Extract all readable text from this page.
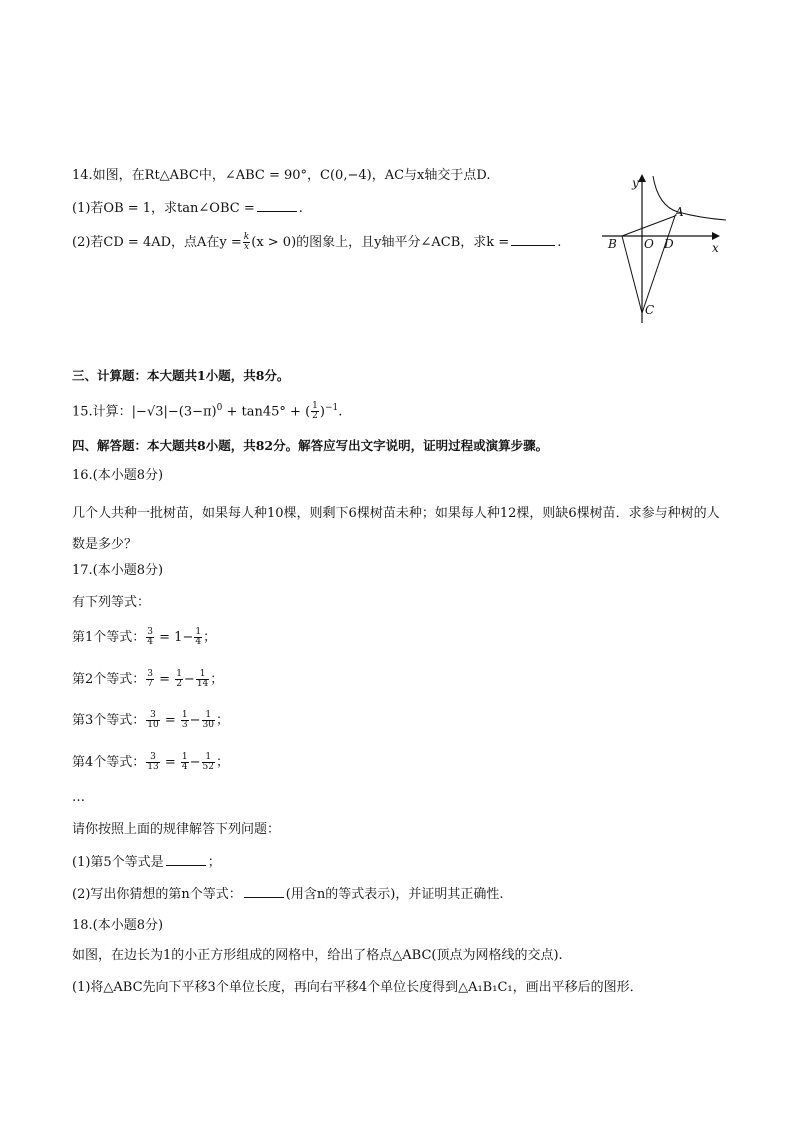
14.如图，在Rt△ABC中，∠ABC = 90°，C(0,−4)，AC与x轴交于点D.
(1)若OB = 1，求tan∠OBC =	.
(2)若CD = 4AD，点A在$y = \frac{k}{x} (x > 0)$的图象上，且y轴平分∠ACB，求k =	.
y
x
A
B O D
C
三、计算题：本大题共1小题，共8分。
15.计算：$|-√3|-(3-\pi)^0 + \tan 45^\circ$ + ( $\frac{1}{2} )^{-1}$.
四、解答题：本大题共8小题，共82分。解答应写出文字说明，证明过程或演算步骤。
16.(本小题8分)
几个人共种一批树苗，如果每人种10棵，则剩下6棵树苗未种；如果每人种12棵，则缺6棵树苗．求参与种树的人数是多少？
17.(本小题8分)
有下列等式：
第1个等式： $\frac{3}{4} = 1- \frac{1}{4}$ ；
第2个等式： $\frac{3}{7} = \frac{1}{2} - \frac{1}{14}$ ；
第3个等式： $\frac{3}{10} = \frac{1}{3} - \frac{1}{30}$ ；
第4个等式： $\frac{3}{13} = \frac{1}{4} - \frac{1}{52}$ ；
…
请你按照上面的规律解答下列问题：
(1)第5个等式是	；
(2)写出你猜想的第n个等式：	(用含n的等式表示)，并证明其正确性.
18.(本小题8分)
如图，在边长为1的小正方形组成的网格中，给出了格点△ABC(顶点为网格线的交点).
(1)将△ABC先向下平移3个单位长度，再向右平移4个单位长度得到△A₁B₁C₁，画出平移后的图形．
